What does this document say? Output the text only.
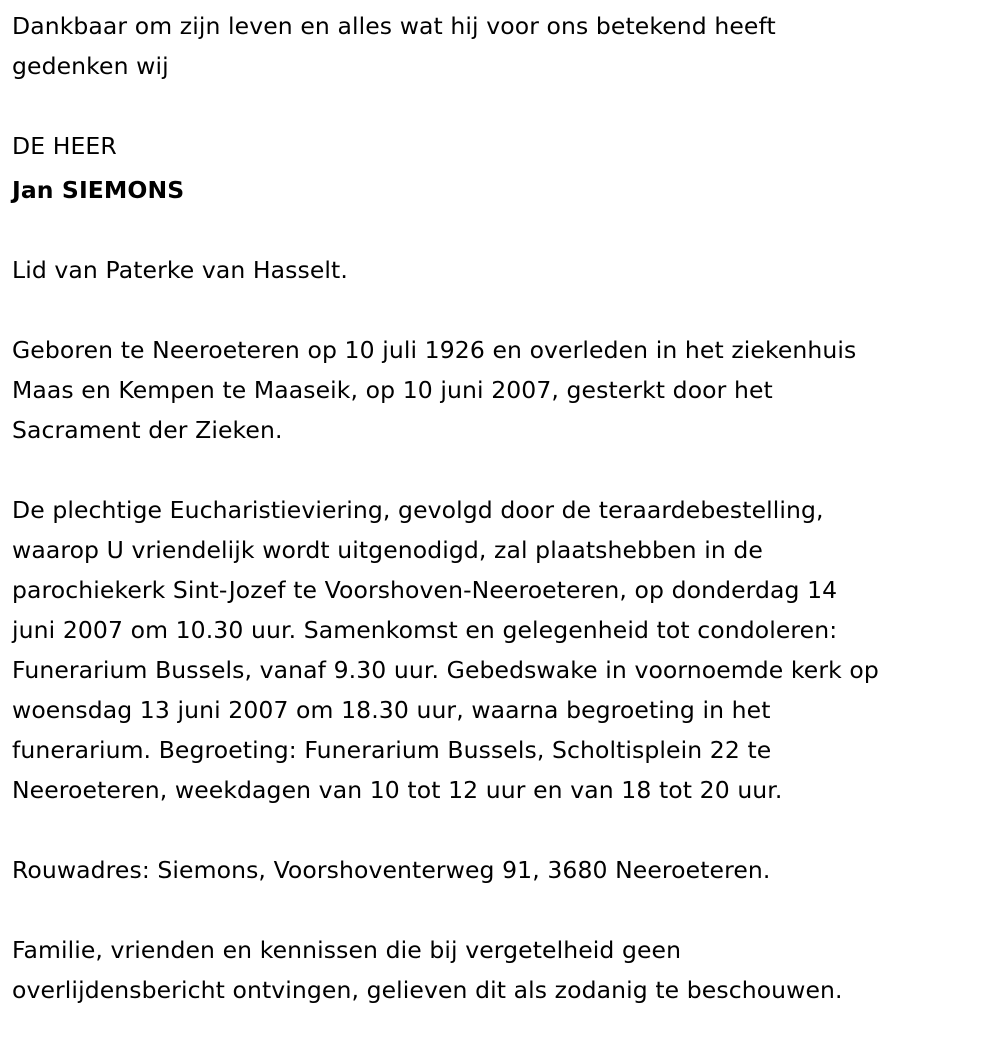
Dankbaar om zijn leven en alles wat hij voor ons betekend heeft
gedenken wij

DE HEER

Jan SIEMONS

Lid van Paterke van Hasselt.

Geboren te Neeroeteren op 10 juli 1926 en overleden in het ziekenhuis
Maas en Kempen te Maaseik, op 10 juni 2007, gesterkt door het
Sacrament der Zieken.

De plechtige Eucharistieviering, gevolgd door de teraardebestelling,
waarop U vriendelijk wordt uitgenodigd, zal plaatshebben in de
parochiekerk Sint-Jozef te Voorshoven-Neeroeteren, op donderdag 14
juni 2007 om 10.30 uur. Samenkomst en gelegenheid tot condoleren:
Funerarium Bussels, vanaf 9.30 uur. Gebedswake in voornoemde kerk op
woensdag 13 juni 2007 om 18.30 uur, waarna begroeting in het
funerarium. Begroeting: Funerarium Bussels, Scholtisplein 22 te
Neeroeteren, weekdagen van 10 tot 12 uur en van 18 tot 20 uur.

Rouwadres: Siemons, Voorshoventerweg 91, 3680 Neeroeteren.

Familie, vrienden en kennissen die bij vergetelheid geen
overlijdensbericht ontvingen, gelieven dit als zodanig te beschouwen.
